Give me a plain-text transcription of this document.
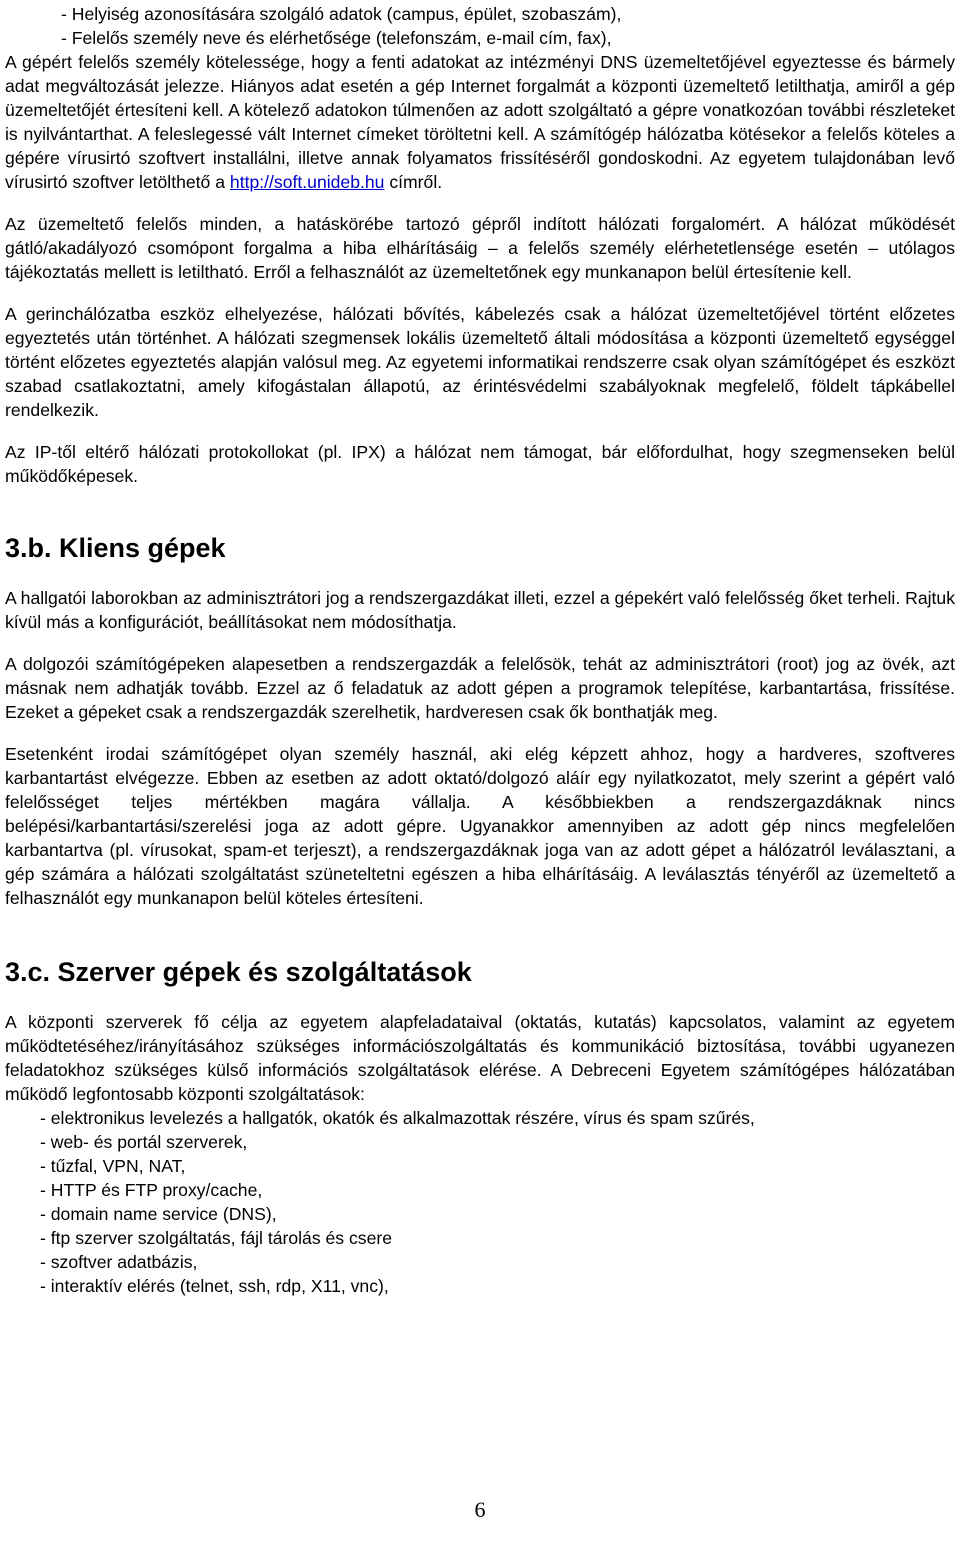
- Helyiség azonosítására szolgáló adatok (campus, épület, szobaszám),

- Felelős személy neve és elérhetősége (telefonszám, e-mail cím, fax),

A gépért felelős személy kötelessége, hogy a fenti adatokat az intézményi DNS üzemeltetőjével egyeztesse és bármely adat megváltozását jelezze. Hiányos adat esetén a gép Internet forgalmát a központi üzemeltető letilthatja, amiről a gép üzemeltetőjét értesíteni kell. A kötelező adatokon túlmenően az adott szolgáltató a gépre vonatkozóan további részleteket is nyilvántarthat. A feleslegessé vált Internet címeket töröltetni kell. A számítógép hálózatba kötésekor a felelős köteles a gépére vírusirtó szoftvert installálni, illetve annak folyamatos frissítéséről gondoskodni. Az egyetem tulajdonában levő vírusirtó szoftver letölthető a http://soft.unideb.hu címről.

Az üzemeltető felelős minden, a hatáskörébe tartozó gépről indított hálózati forgalomért. A hálózat működését gátló/akadályozó csomópont forgalma a hiba elhárításáig – a felelős személy elérhetetlensége esetén – utólagos tájékoztatás mellett is letiltható. Erről a felhasználót az üzemeltetőnek egy munkanapon belül értesítenie kell.

A gerinchálózatba eszköz elhelyezése, hálózati bővítés, kábelezés csak a hálózat üzemeltetőjével történt előzetes egyeztetés után történhet. A hálózati szegmensek lokális üzemeltető általi módosítása a központi üzemeltető egységgel történt előzetes egyeztetés alapján valósul meg. Az egyetemi informatikai rendszerre csak olyan számítógépet és eszközt szabad csatlakoztatni, amely kifogástalan állapotú, az érintésvédelmi szabályoknak megfelelő, földelt tápkábellel rendelkezik.

Az IP-től eltérő hálózati protokollokat (pl. IPX) a hálózat nem támogat, bár előfordulhat, hogy szegmenseken belül működőképesek.

3.b. Kliens gépek

A hallgatói laborokban az adminisztrátori jog a rendszergazdákat illeti, ezzel a gépekért való felelősség őket terheli. Rajtuk kívül más a konfigurációt, beállításokat nem módosíthatja.

A dolgozói számítógépeken alapesetben a rendszergazdák a felelősök, tehát az adminisztrátori (root) jog az övék, azt másnak nem adhatják tovább. Ezzel az ő feladatuk az adott gépen a programok telepítése, karbantartása, frissítése. Ezeket a gépeket csak a rendszergazdák szerelhetik, hardveresen csak ők bonthatják meg.

Esetenként irodai számítógépet olyan személy használ, aki elég képzett ahhoz, hogy a hardveres, szoftveres karbantartást elvégezze. Ebben az esetben az adott oktató/dolgozó aláír egy nyilatkozatot, mely szerint a gépért való felelősséget teljes mértékben magára vállalja. A későbbiekben a rendszergazdáknak nincs belépési/karbantartási/szerelési joga az adott gépre. Ugyanakkor amennyiben az adott gép nincs megfelelően karbantartva (pl. vírusokat, spam-et terjeszt), a rendszergazdáknak joga van az adott gépet a hálózatról leválasztani, a gép számára a hálózati szolgáltatást szüneteltetni egészen a hiba elhárításáig. A leválasztás tényéről az üzemeltető a felhasználót egy munkanapon belül köteles értesíteni.

3.c. Szerver gépek és szolgáltatások

A központi szerverek fő célja az egyetem alapfeladataival (oktatás, kutatás) kapcsolatos, valamint az egyetem működtetéséhez/irányításához szükséges információszolgáltatás és kommunikáció biztosítása, további ugyanezen feladatokhoz szükséges külső információs szolgáltatások elérése. A Debreceni Egyetem számítógépes hálózatában működő legfontosabb központi szolgáltatások:

- elektronikus levelezés a hallgatók, okatók és alkalmazottak részére, vírus és spam szűrés,

- web- és portál szerverek,

- tűzfal, VPN, NAT,

- HTTP és FTP proxy/cache,

- domain name service (DNS),

- ftp szerver szolgáltatás, fájl tárolás és csere

- szoftver adatbázis,

- interaktív elérés (telnet, ssh, rdp, X11, vnc),

6
